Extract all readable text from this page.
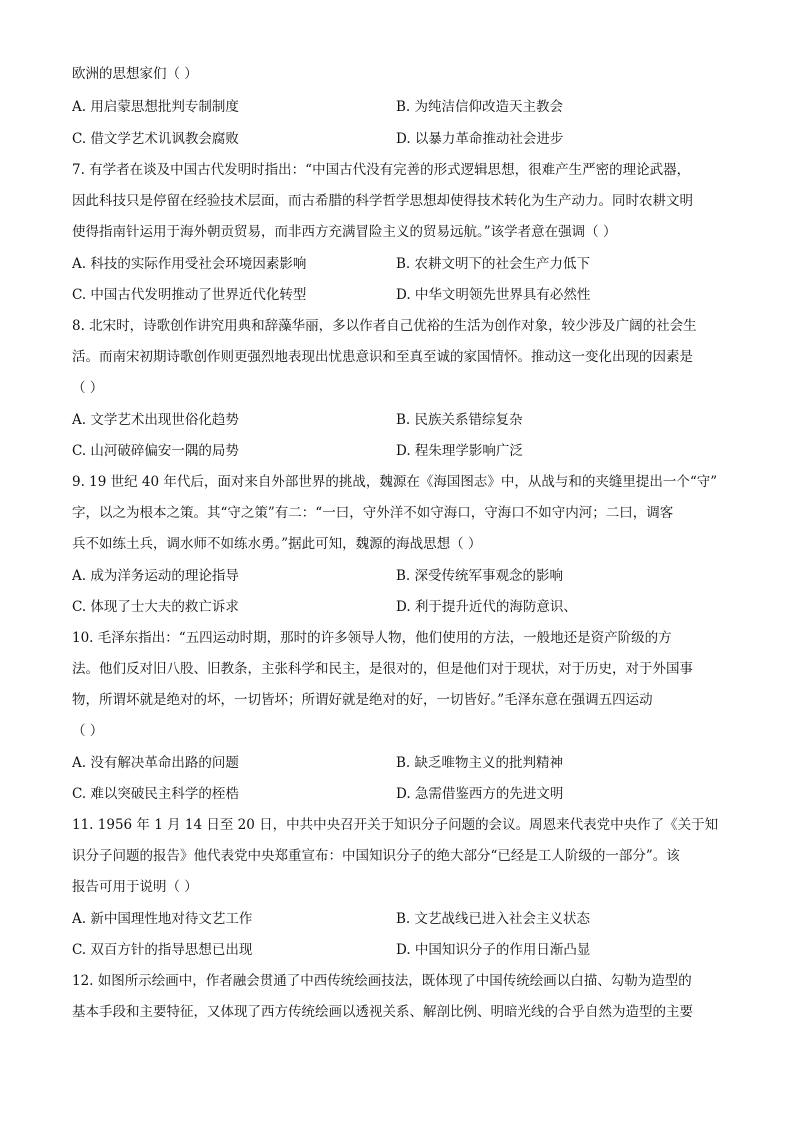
欧洲的思想家们（ ）
A. 用启蒙思想批判专制制度	B. 为纯洁信仰改造天主教会
C. 借文学艺术讥讽教会腐败	D. 以暴力革命推动社会进步
7. 有学者在谈及中国古代发明时指出：“中国古代没有完善的形式逻辑思想，很难产生严密的理论武器，
因此科技只是停留在经验技术层面，而古希腊的科学哲学思想却使得技术转化为生产动力。同时农耕文明
使得指南针运用于海外朝贡贸易，而非西方充满冒险主义的贸易远航。”该学者意在强调（ ）
A. 科技的实际作用受社会环境因素影响	B. 农耕文明下的社会生产力低下
C. 中国古代发明推动了世界近代化转型	D. 中华文明领先世界具有必然性
8. 北宋时，诗歌创作讲究用典和辞藻华丽，多以作者自己优裕的生活为创作对象，较少涉及广阔的社会生
活。而南宋初期诗歌创作则更强烈地表现出忧患意识和至真至诚的家国情怀。推动这一变化出现的因素是
（ ）
A. 文学艺术出现世俗化趋势	B. 民族关系错综复杂
C. 山河破碎偏安一隅的局势	D. 程朱理学影响广泛
9. 19 世纪 40 年代后，面对来自外部世界的挑战，魏源在《海国图志》中，从战与和的夹缝里提出一个“守”
字，以之为根本之策。其“守之策”有二：“一曰，守外洋不如守海口，守海口不如守内河；二曰，调客
兵不如练土兵，调水师不如练水勇。”据此可知，魏源的海战思想（ ）
A. 成为洋务运动的理论指导	B. 深受传统军事观念的影响
C. 体现了士大夫的救亡诉求	D. 利于提升近代的海防意识、
10. 毛泽东指出：“五四运动时期，那时的许多领导人物，他们使用的方法，一般地还是资产阶级的方
法。他们反对旧八股、旧教条，主张科学和民主，是很对的，但是他们对于现状，对于历史，对于外国事
物，所谓坏就是绝对的坏，一切皆坏；所谓好就是绝对的好，一切皆好。”毛泽东意在强调五四运动
（ ）
A. 没有解决革命出路的问题	B. 缺乏唯物主义的批判精神
C. 难以突破民主科学的桎梏	D. 急需借鉴西方的先进文明
11. 1956 年 1 月 14 日至 20 日，中共中央召开关于知识分子问题的会议。周恩来代表党中央作了《关于知
识分子问题的报告》他代表党中央郑重宣布：中国知识分子的绝大部分“已经是工人阶级的一部分”。该
报告可用于说明（ ）
A. 新中国理性地对待文艺工作	B. 文艺战线已进入社会主义状态
C. 双百方针的指导思想已出现	D. 中国知识分子的作用日渐凸显
12. 如图所示绘画中，作者融会贯通了中西传统绘画技法，既体现了中国传统绘画以白描、勾勒为造型的
基本手段和主要特征，又体现了西方传统绘画以透视关系、解剖比例、明暗光线的合乎自然为造型的主要
